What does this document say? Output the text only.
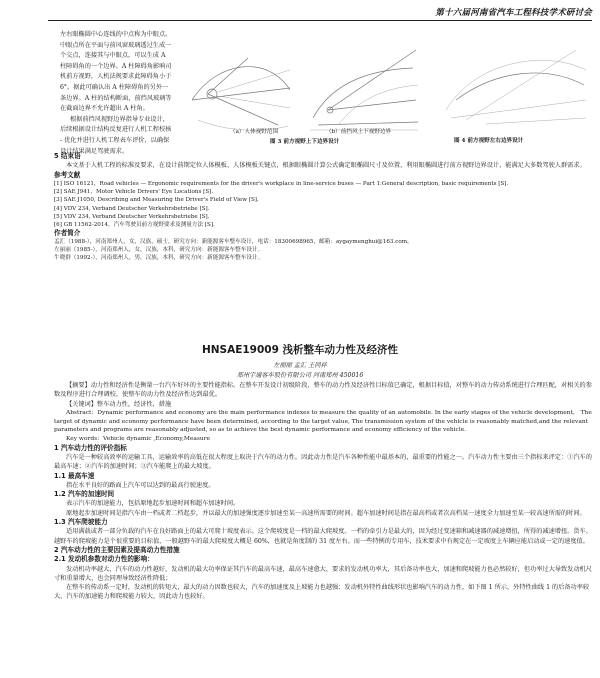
第十六届河南省汽车工程科技学术研讨会

左右眼椭圆中心连线的中点称为中眼点。中眼点所在平面与前风窗玻璃透过生成一个交点，连接其与中眼点，可以生成 A 柱障碍角的一个边界。A 柱障碍角影响司机前方视野，人机法规要求此障碍角小于 6°。据此可确认出 A 柱障碍角的另外一条边界。A 柱的结构断面，前挡风玻璃等在截面边界不允许超出 A 柱角。

根据前挡风视野边界指导专业设计，后续根据设计结构反复进行人机工程校核 - 优化并进行人机工程表车评价，以确保设计结果满足驾驶需求。

（a）人体视野范围	（b）前挡风上下视野边界
图 3 前方视野上下边界设计	图 4 前方视野左右边界设计

5 结束语

本文基于人机工程的标准及要求，在设计前期定位人体模板、人体模板关键点，根据眼椭圆计算公式确定眼椭圆尺寸及位置，利用眼椭圆进行前方视野边界设计，能满足大多数驾驶人群需求。

参考文献

[1] ISO 16121，Road vehicles — Ergonomic requirements for the driver's workplace in line-service buses — Part 1:General description, basic requirements [S].

[2] SAE J941，Motor Vehicle Drivers' Eye Locations [S].

[3] SAE J1050, Describing and Measuring the Driver's Field of View [S].

[4] VDV 234, Verband Deutscher Verkehrsbetriebe [S].

[5] VDV 234, Verband Deutscher Verkehrsbetriebe [S].

[6] GB 11562-2014，汽车驾驶员前方视野要求及测量方法 [S].

作者简介

孟汇（1988-），河南郑州人，女，汉族，硕士，研究方向：新能源客车整车设计，电话：18300698965，邮箱：aygaymenghui@163.com。

左丽丽（1985-），河南郑州人，女，汉族，本科，研究方向：新能源客车整车设计。

牛晓群（1992-），河南郑州人，男，汉族，本科，研究方向：新能源客车整车设计。

HNSAE19009 浅析整车动力性及经济性
左丽丽 孟汇 王同祥
郑州宇通客车股份有限公司 河南郑州 450016

【摘要】动力性和经济性是衡量一台汽车好坏的主要性能指标。在整车开发设计初级阶段，整车的动力性及经济性目标值已确定，根据目标值，对整车的动力传动系统进行合理匹配，对相关的参数及程序进行合理调校，使整车的动力性及经济性达到最优。

【关键词】整车动力性，经济性，措施

Abstract：Dynamic performance and economy are the main performance indexes to measure the quality of an automobile. In the early stages of the vehicle development， The target of dynamic and economy performance have been determined, according to the target value, The transmission system of the vehicle is reasonably matched,and the relevant parameters and programs are reasonably adjusted, so as to achieve the best dynamic performance and economy efficiency of the vehicle.

Key words：Vehicle dynamic ,Economy,Measure

1 汽车动力性的评价指标

汽车是一种较高效率的运输工具，运输效率的高低在很大程度上取决于汽车的动力性。因此动力性是汽车各种性能中最基本的，最重要的性能之一。汽车动力性主要由三个指标来评定：①汽车的最高车速；②汽车的加速时间；③汽车能爬上的最大坡度。

1.1 最高车速

指在水平良好的路面上汽车可以达到的最高行驶速度。

1.2 汽车的加速时间

表示汽车的加速能力，包括原地起步加速时间和超车加速时间。

原地起步加速时间是指汽车由一档或者二档起步，并以最大的加速强度逐步加速至某一高速所需要的时间。超车加速时间是指在最高档或者次高档某一速度全力加速至某一较高速所需的时间。

1.3 汽车爬坡能力

适用满载或者一部分负载的汽车在良好路面上的最大可爬十坡度表示。这个爬坡度是一档的最大爬坡度。一档的牵引力是最大的，因为经过变速箱和减速器的减速增扭，所得的减速增扭。货车、越野车的爬坡能力是个很重要的目标值，一般越野车的最大爬坡度大概是 60%，也就是角度制的 31 度左右。而一些特例的专用车，技术要求中有规定在一定坡度上车辆应能启动或一定的速度值。

2 汽车动力性的主要因素及提高动力性措施

2.1 发动机参数对动力性的影响：

发动机功率越大，汽车的动力性越好，发动机的最大功率保证其汽车的最高车速，最高车速愈大，要求的发动机功率大，其后备功率也大，加速和爬坡能力也必然较好，但功率过大导致发动机尺寸和重量增大，也会同理导致经济性降低；

在整车的传动系一定时，发动机的转矩大，最大的动力因数也较大，汽车的加速度及上坡能力也越强；发动机外特性曲线形状也影响汽车的动力性，如下图 1 所示，外特性曲线 1 的后备功率较大，汽车的加速能力和爬坡能力较大，因此动力也较好。
